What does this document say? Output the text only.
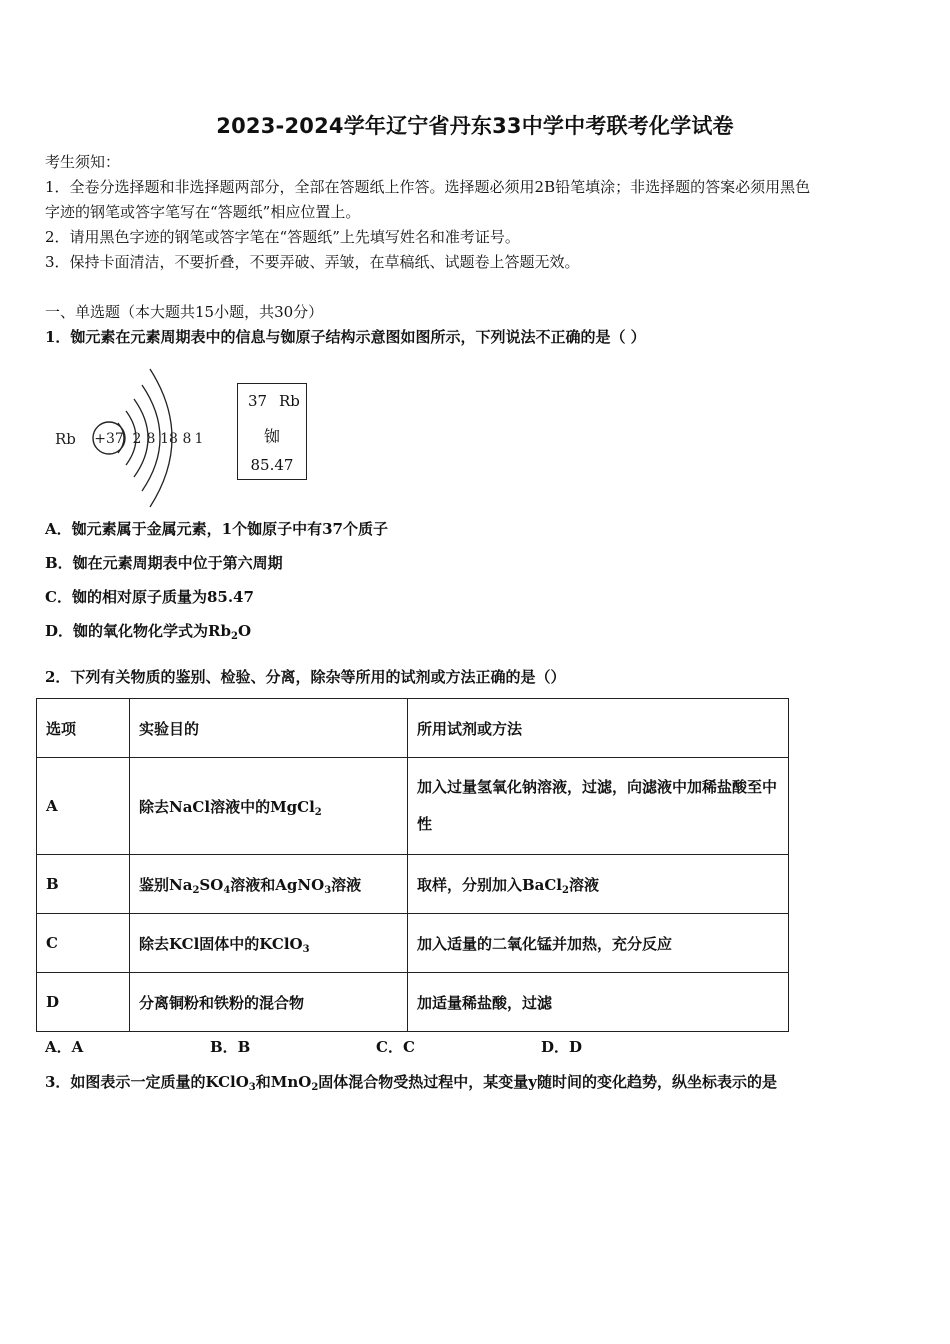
2023-2024学年辽宁省丹东33中学中考联考化学试卷
考生须知：
1．全卷分选择题和非选择题两部分，全部在答题纸上作答。选择题必须用2B铅笔填涂；非选择题的答案必须用黑色
字迹的钢笔或答字笔写在“答题纸”相应位置上。
2．请用黑色字迹的钢笔或答字笔在“答题纸”上先填写姓名和准考证号。
3．保持卡面清洁，不要折叠，不要弄破、弄皱，在草稿纸、试题卷上答题无效。
一、单选题（本大题共15小题，共30分）
1．铷元素在元素周期表中的信息与铷原子结构示意图如图所示，下列说法不正确的是（ ）
Rb +37 2 8 18 8 1
37 Rb
铷
85.47
A．铷元素属于金属元素，1个铷原子中有37个质子
B．铷在元素周期表中位于第六周期
C．铷的相对原子质量为85.47
D．铷的氧化物化学式为$Rb_2O$
2．下列有关物质的鉴别、检验、分离，除杂等所用的试剂或方法正确的是（）
选项	实验目的	所用试剂或方法
A	除去NaCl溶液中的MgCl$_2$	加入过量氢氧化钠溶液，过滤，向滤液中加稀盐酸至中性
B	鉴别$Na_2SO_4$溶液和AgNO$_3$溶液	取样，分别加入BaCl$_2$溶液
C	除去KCl固体中的KClO$_3$	加入适量的二氧化锰并加热，充分反应
D	分离铜粉和铁粉的混合物	加适量稀盐酸，过滤
A．A	B．B	C．C	D．D
3．如图表示一定质量的KClO$_3$和MnO$_2$固体混合物受热过程中，某变量y随时间的变化趋势，纵坐标表示的是
